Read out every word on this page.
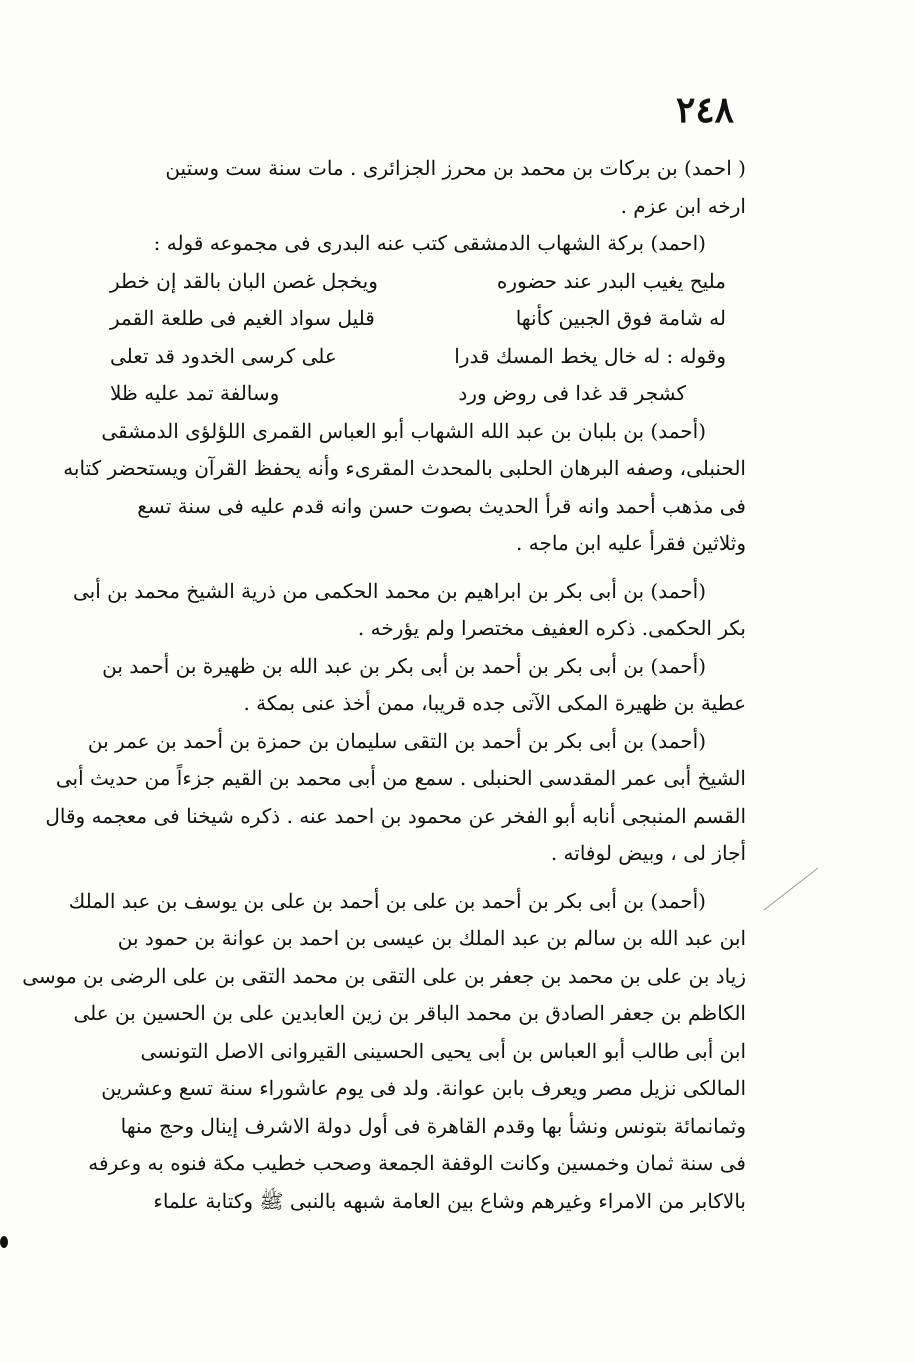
٢٤٨
( احمد) بن بركات بن محمد بن محرز الجزائرى . مات سنة ست وستين
ارخه ابن عزم .
(احمد) بركة الشهاب الدمشقى كتب عنه البدرى فى مجموعه قوله :
مليح يغيب البدر عند حضوره
ويخجل غصن البان بالقد إن خطر
له شامة فوق الجبين كأنها
قليل سواد الغيم فى طلعة القمر
وقوله : له خال يخط المسك قدرا
على كرسى الخدود قد تعلى
كشجر قد غدا فى روض ورد
وسالفة تمد عليه ظلا
(أحمد) بن بلبان بن عبد الله الشهاب أبو العباس القمرى اللؤلؤى الدمشقى
الحنبلى، وصفه البرهان الحلبى بالمحدث المقرىء وأنه يحفظ القرآن ويستحضر كتابه
فى مذهب أحمد وانه قرأ الحديث بصوت حسن وانه قدم عليه فى سنة تسع
وثلاثين فقرأ عليه ابن ماجه .
(أحمد) بن أبى بكر بن ابراهيم بن محمد الحكمى من ذرية الشيخ محمد بن أبى
بكر الحكمى. ذكره العفيف مختصرا ولم يؤرخه .
(أحمد) بن أبى بكر بن أحمد بن أبى بكر بن عبد الله بن ظهيرة بن أحمد بن
عطية بن ظهيرة المكى الآتى جده قريبا، ممن أخذ عنى بمكة .
(أحمد) بن أبى بكر بن أحمد بن التقى سليمان بن حمزة بن أحمد بن عمر بن
الشيخ أبى عمر المقدسى الحنبلى . سمع من أبى محمد بن القيم جزءاً من حديث أبى
القسم المنبجى أنابه أبو الفخر عن محمود بن احمد عنه . ذكره شيخنا فى معجمه وقال
أجاز لى ، وبيض لوفاته .
(أحمد) بن أبى بكر بن أحمد بن على بن أحمد بن على بن يوسف بن عبد الملك
ابن عبد الله بن سالم بن عبد الملك بن عيسى بن احمد بن عوانة بن حمود بن
زياد بن على بن محمد بن جعفر بن على التقى بن محمد التقى بن على الرضى بن موسى
الكاظم بن جعفر الصادق بن محمد الباقر بن زين العابدين على بن الحسين بن على
ابن أبى طالب أبو العباس بن أبى يحيى الحسينى القيروانى الاصل التونسى
المالكى نزيل مصر ويعرف بابن عوانة. ولد فى يوم عاشوراء سنة تسع وعشرين
وثمانمائة بتونس ونشأ بها وقدم القاهرة فى أول دولة الاشرف إينال وحج منها
فى سنة ثمان وخمسين وكانت الوقفة الجمعة وصحب خطيب مكة فنوه به وعرفه
بالاكابر من الامراء وغيرهم وشاع بين العامة شبهه بالنبى ﷺ وكتابة علماء
